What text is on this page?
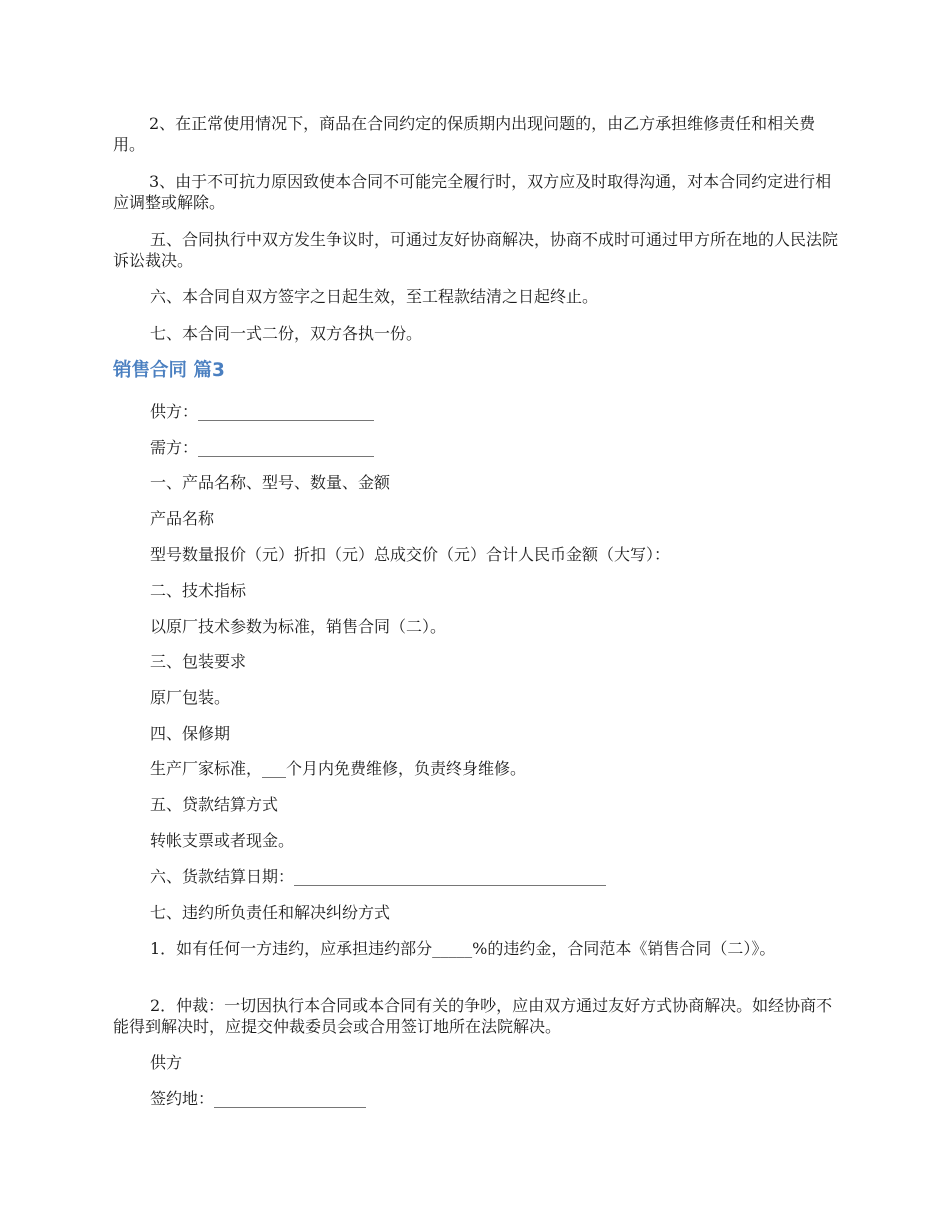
2、在正常使用情况下，商品在合同约定的保质期内出现问题的，由乙方承担维修责任和相关费用。

3、由于不可抗力原因致使本合同不可能完全履行时，双方应及时取得沟通，对本合同约定进行相应调整或解除。

五、合同执行中双方发生争议时，可通过友好协商解决，协商不成时可通过甲方所在地的人民法院诉讼裁决。

六、本合同自双方签字之日起生效，至工程款结清之日起终止。

七、本合同一式二份，双方各执一份。

销售合同 篇3

供方：______________________

需方：______________________

一、产品名称、型号、数量、金额

产品名称

型号数量报价（元）折扣（元）总成交价（元）合计人民币金额（大写）：

二、技术指标

以原厂技术参数为标准，销售合同（二）。

三、包装要求

原厂包装。

四、保修期

生产厂家标准，___个月内免费维修，负责终身维修。

五、贷款结算方式

转帐支票或者现金。

六、货款结算日期：_______________________________________

七、违约所负责任和解决纠纷方式

1．如有任何一方违约，应承担违约部分_____%的违约金，合同范本《销售合同（二）》。

2．仲裁：一切因执行本合同或本合同有关的争吵，应由双方通过友好方式协商解决。如经协商不能得到解决时，应提交仲裁委员会或合用签订地所在法院解决。

供方

签约地：___________________
